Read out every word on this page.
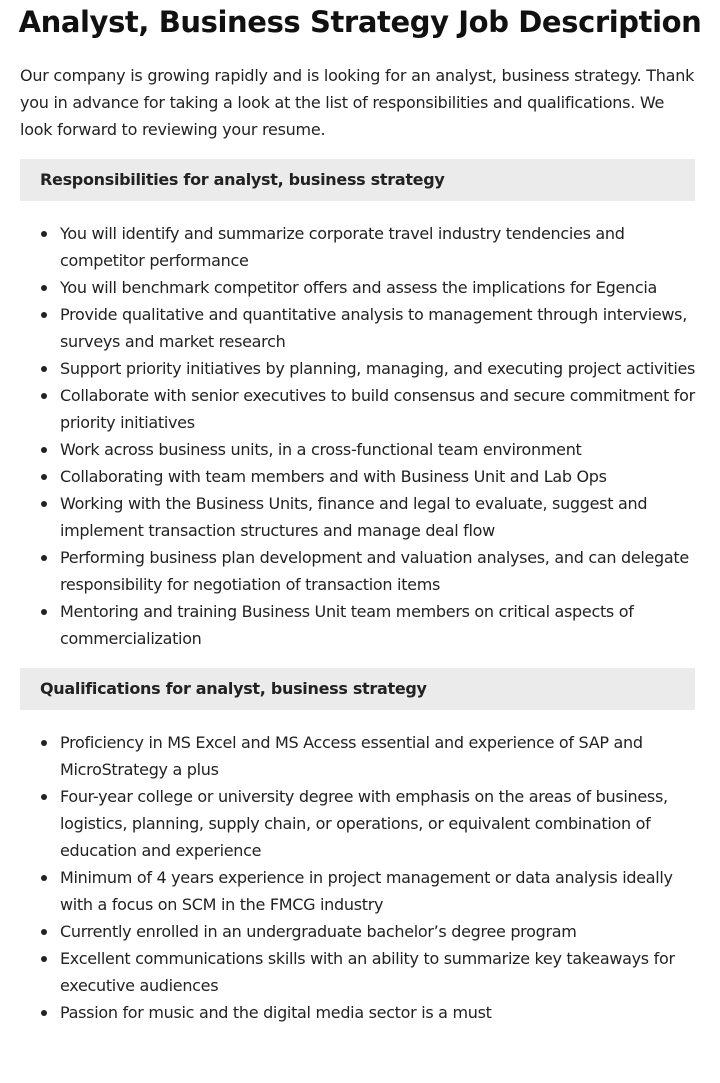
Analyst, Business Strategy Job Description

Our company is growing rapidly and is looking for an analyst, business strategy. Thank you in advance for taking a look at the list of responsibilities and qualifications. We look forward to reviewing your resume.

Responsibilities for analyst, business strategy
You will identify and summarize corporate travel industry tendencies and competitor performance
You will benchmark competitor offers and assess the implications for Egencia
Provide qualitative and quantitative analysis to management through interviews, surveys and market research
Support priority initiatives by planning, managing, and executing project activities
Collaborate with senior executives to build consensus and secure commitment for priority initiatives
Work across business units, in a cross-functional team environment
Collaborating with team members and with Business Unit and Lab Ops
Working with the Business Units, finance and legal to evaluate, suggest and implement transaction structures and manage deal flow
Performing business plan development and valuation analyses, and can delegate responsibility for negotiation of transaction items
Mentoring and training Business Unit team members on critical aspects of commercialization
Qualifications for analyst, business strategy
Proficiency in MS Excel and MS Access essential and experience of SAP and MicroStrategy a plus
Four-year college or university degree with emphasis on the areas of business, logistics, planning, supply chain, or operations, or equivalent combination of education and experience
Minimum of 4 years experience in project management or data analysis ideally with a focus on SCM in the FMCG industry
Currently enrolled in an undergraduate bachelor’s degree program
Excellent communications skills with an ability to summarize key takeaways for executive audiences
Passion for music and the digital media sector is a must
